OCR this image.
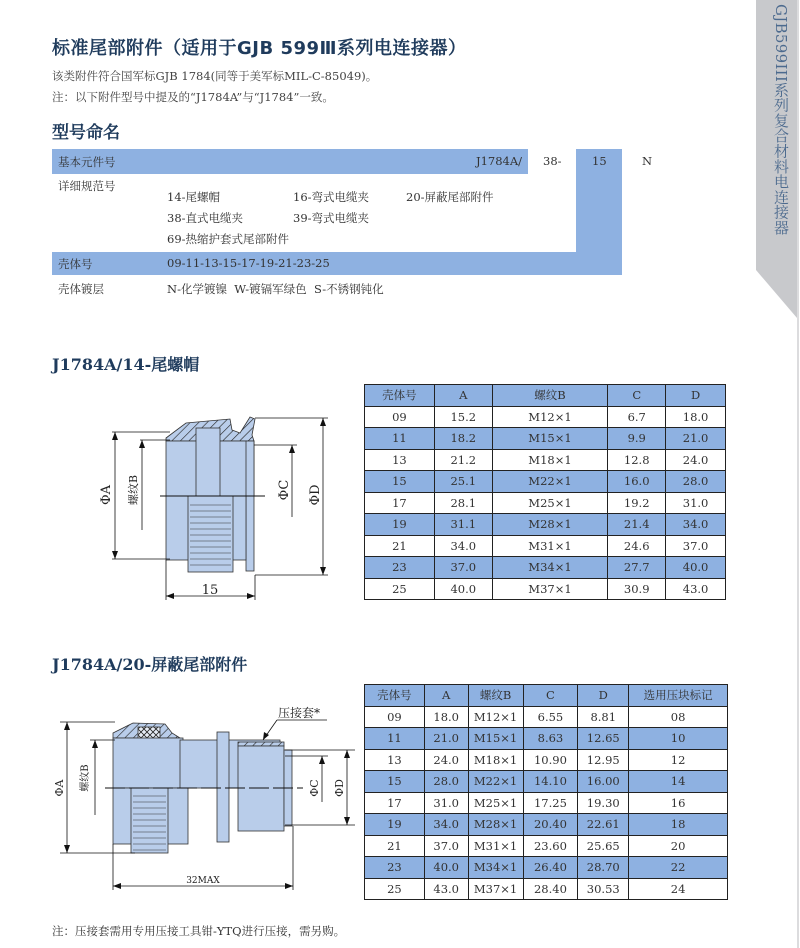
GJB599III系列复合材料电连接器
标准尾部附件（适用于GJB 599Ⅲ系列电连接器）
该类附件符合国军标GJB 1784(同等于美军标MIL-C-85049)。
注：以下附件型号中提及的“J1784A”与“J1784”一致。
型号命名
基本元件号	J1784A/ 38-	15	N
详细规范号
14-尾螺帽	16-弯式电缆夹	20-屏蔽尾部附件
38-直式电缆夹	39-弯式电缆夹
69-热缩护套式尾部附件
壳体号	09-11-13-15-17-19-21-23-25
壳体镀层	N-化学镀镍  W-镀镉军绿色  S-不锈钢钝化
J1784A/14-尾螺帽
ΦA 螺纹B	ΦC ΦD
15
壳体号	A	螺纹B	C	D
09	15.2	M12×1	6.7	18.0
11	18.2	M15×1	9.9	21.0
13	21.2	M18×1	12.8	24.0
15	25.1	M22×1	16.0	28.0
17	28.1	M25×1	19.2	31.0
19	31.1	M28×1	21.4	34.0
21	34.0	M31×1	24.6	37.0
23	37.0	M34×1	27.7	40.0
25	40.0	M37×1	30.9	43.0
J1784A/20-屏蔽尾部附件
ΦA 螺纹B	ΦC ΦD
32MAX
压接套*
壳体号	A	螺纹B	C	D	选用压块标记
09	18.0	M12×1	6.55	8.81	08
11	21.0	M15×1	8.63	12.65	10
13	24.0	M18×1	10.90	12.95	12
15	28.0	M22×1	14.10	16.00	14
17	31.0	M25×1	17.25	19.30	16
19	34.0	M28×1	20.40	22.61	18
21	37.0	M31×1	23.60	25.65	20
23	40.0	M34×1	26.40	28.70	22
25	43.0	M37×1	28.40	30.53	24
注：压接套需用专用压接工具钳-YTQ进行压接，需另购。
